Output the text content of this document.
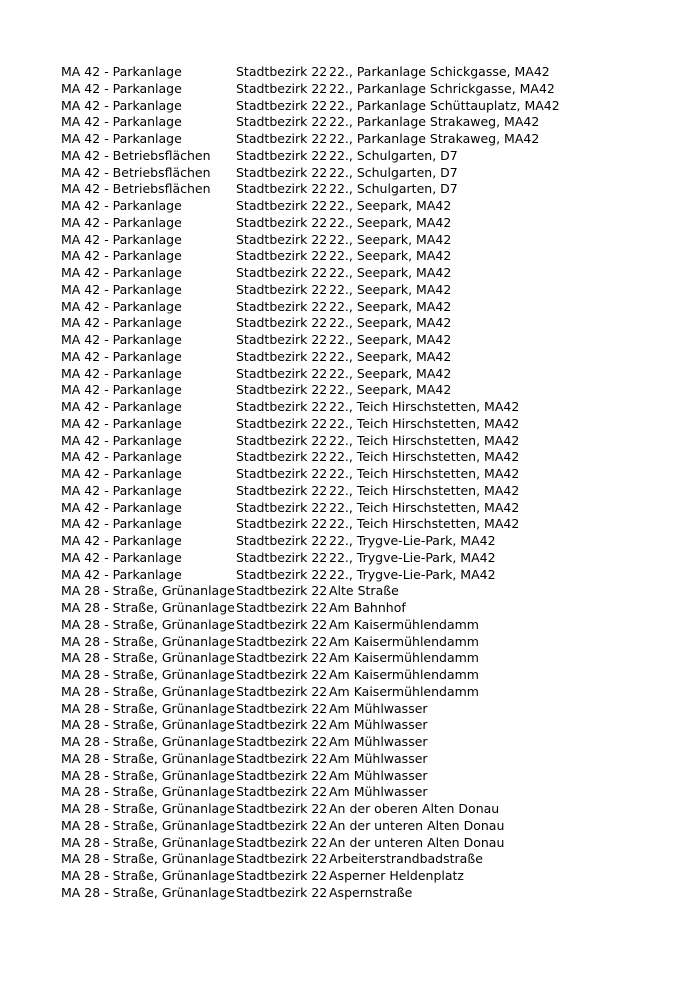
MA 42 - Parkanlage	Stadtbezirk 22 22., Parkanlage Schickgasse, MA42
MA 42 - Parkanlage	Stadtbezirk 22 22., Parkanlage Schrickgasse, MA42
MA 42 - Parkanlage	Stadtbezirk 22 22., Parkanlage Schüttauplatz, MA42
MA 42 - Parkanlage	Stadtbezirk 22 22., Parkanlage Strakaweg, MA42
MA 42 - Parkanlage	Stadtbezirk 22 22., Parkanlage Strakaweg, MA42
MA 42 - Betriebsflächen	Stadtbezirk 22 22., Schulgarten, D7
MA 42 - Betriebsflächen	Stadtbezirk 22 22., Schulgarten, D7
MA 42 - Betriebsflächen	Stadtbezirk 22 22., Schulgarten, D7
MA 42 - Parkanlage	Stadtbezirk 22 22., Seepark, MA42
MA 42 - Parkanlage	Stadtbezirk 22 22., Seepark, MA42
MA 42 - Parkanlage	Stadtbezirk 22 22., Seepark, MA42
MA 42 - Parkanlage	Stadtbezirk 22 22., Seepark, MA42
MA 42 - Parkanlage	Stadtbezirk 22 22., Seepark, MA42
MA 42 - Parkanlage	Stadtbezirk 22 22., Seepark, MA42
MA 42 - Parkanlage	Stadtbezirk 22 22., Seepark, MA42
MA 42 - Parkanlage	Stadtbezirk 22 22., Seepark, MA42
MA 42 - Parkanlage	Stadtbezirk 22 22., Seepark, MA42
MA 42 - Parkanlage	Stadtbezirk 22 22., Seepark, MA42
MA 42 - Parkanlage	Stadtbezirk 22 22., Seepark, MA42
MA 42 - Parkanlage	Stadtbezirk 22 22., Seepark, MA42
MA 42 - Parkanlage	Stadtbezirk 22 22., Teich Hirschstetten, MA42
MA 42 - Parkanlage	Stadtbezirk 22 22., Teich Hirschstetten, MA42
MA 42 - Parkanlage	Stadtbezirk 22 22., Teich Hirschstetten, MA42
MA 42 - Parkanlage	Stadtbezirk 22 22., Teich Hirschstetten, MA42
MA 42 - Parkanlage	Stadtbezirk 22 22., Teich Hirschstetten, MA42
MA 42 - Parkanlage	Stadtbezirk 22 22., Teich Hirschstetten, MA42
MA 42 - Parkanlage	Stadtbezirk 22 22., Teich Hirschstetten, MA42
MA 42 - Parkanlage	Stadtbezirk 22 22., Teich Hirschstetten, MA42
MA 42 - Parkanlage	Stadtbezirk 22 22., Trygve-Lie-Park, MA42
MA 42 - Parkanlage	Stadtbezirk 22 22., Trygve-Lie-Park, MA42
MA 42 - Parkanlage	Stadtbezirk 22 22., Trygve-Lie-Park, MA42
MA 28 - Straße, Grünanlage Stadtbezirk 22 Alte Straße
MA 28 - Straße, Grünanlage Stadtbezirk 22 Am Bahnhof
MA 28 - Straße, Grünanlage Stadtbezirk 22 Am Kaisermühlendamm
MA 28 - Straße, Grünanlage Stadtbezirk 22 Am Kaisermühlendamm
MA 28 - Straße, Grünanlage Stadtbezirk 22 Am Kaisermühlendamm
MA 28 - Straße, Grünanlage Stadtbezirk 22 Am Kaisermühlendamm
MA 28 - Straße, Grünanlage Stadtbezirk 22 Am Kaisermühlendamm
MA 28 - Straße, Grünanlage Stadtbezirk 22 Am Mühlwasser
MA 28 - Straße, Grünanlage Stadtbezirk 22 Am Mühlwasser
MA 28 - Straße, Grünanlage Stadtbezirk 22 Am Mühlwasser
MA 28 - Straße, Grünanlage Stadtbezirk 22 Am Mühlwasser
MA 28 - Straße, Grünanlage Stadtbezirk 22 Am Mühlwasser
MA 28 - Straße, Grünanlage Stadtbezirk 22 Am Mühlwasser
MA 28 - Straße, Grünanlage Stadtbezirk 22 An der oberen Alten Donau
MA 28 - Straße, Grünanlage Stadtbezirk 22 An der unteren Alten Donau
MA 28 - Straße, Grünanlage Stadtbezirk 22 An der unteren Alten Donau
MA 28 - Straße, Grünanlage Stadtbezirk 22 Arbeiterstrandbadstraße
MA 28 - Straße, Grünanlage Stadtbezirk 22 Asperner Heldenplatz
MA 28 - Straße, Grünanlage Stadtbezirk 22 Aspernstraße
